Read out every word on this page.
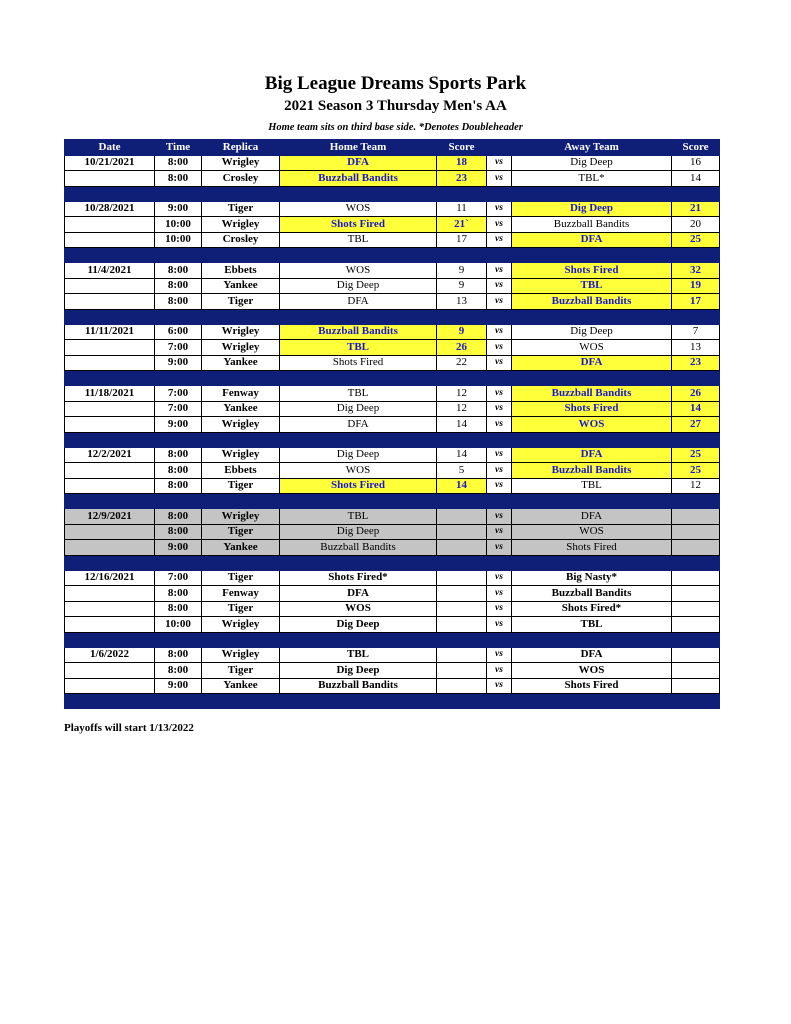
Big League Dreams Sports Park
2021 Season 3 Thursday Men's AA
Home team sits on third base side. *Denotes Doubleheader
Date	Time	Replica	Home Team	Score		Away Team	Score
10/21/2021	8:00	Wrigley	DFA	18	vs	Dig Deep	16
	8:00	Crosley	Buzzball Bandits	23	vs	TBL*	14

10/28/2021	9:00	Tiger	WOS	11	vs	Dig Deep	21
	10:00	Wrigley	Shots Fired	21`	vs	Buzzball Bandits	20
	10:00	Crosley	TBL	17	vs	DFA	25

11/4/2021	8:00	Ebbets	WOS	9	vs	Shots Fired	32
	8:00	Yankee	Dig Deep	9	vs	TBL	19
	8:00	Tiger	DFA	13	vs	Buzzball Bandits	17

11/11/2021	6:00	Wrigley	Buzzball Bandits	9	vs	Dig Deep	7
	7:00	Wrigley	TBL	26	vs	WOS	13
	9:00	Yankee	Shots Fired	22	vs	DFA	23

11/18/2021	7:00	Fenway	TBL	12	vs	Buzzball Bandits	26
	7:00	Yankee	Dig Deep	12	vs	Shots Fired	14
	9:00	Wrigley	DFA	14	vs	WOS	27

12/2/2021	8:00	Wrigley	Dig Deep	14	vs	DFA	25
	8:00	Ebbets	WOS	5	vs	Buzzball Bandits	25
	8:00	Tiger	Shots Fired	14	vs	TBL	12

12/9/2021	8:00	Wrigley	TBL		vs	DFA	
	8:00	Tiger	Dig Deep		vs	WOS	
	9:00	Yankee	Buzzball Bandits		vs	Shots Fired	

12/16/2021	7:00	Tiger	Shots Fired*		vs	Big Nasty*	
	8:00	Fenway	DFA		vs	Buzzball Bandits	
	8:00	Tiger	WOS		vs	Shots Fired*	
	10:00	Wrigley	Dig Deep		vs	TBL	

1/6/2022	8:00	Wrigley	TBL		vs	DFA	
	8:00	Tiger	Dig Deep		vs	WOS	
	9:00	Yankee	Buzzball Bandits		vs	Shots Fired	

Playoffs will start 1/13/2022
